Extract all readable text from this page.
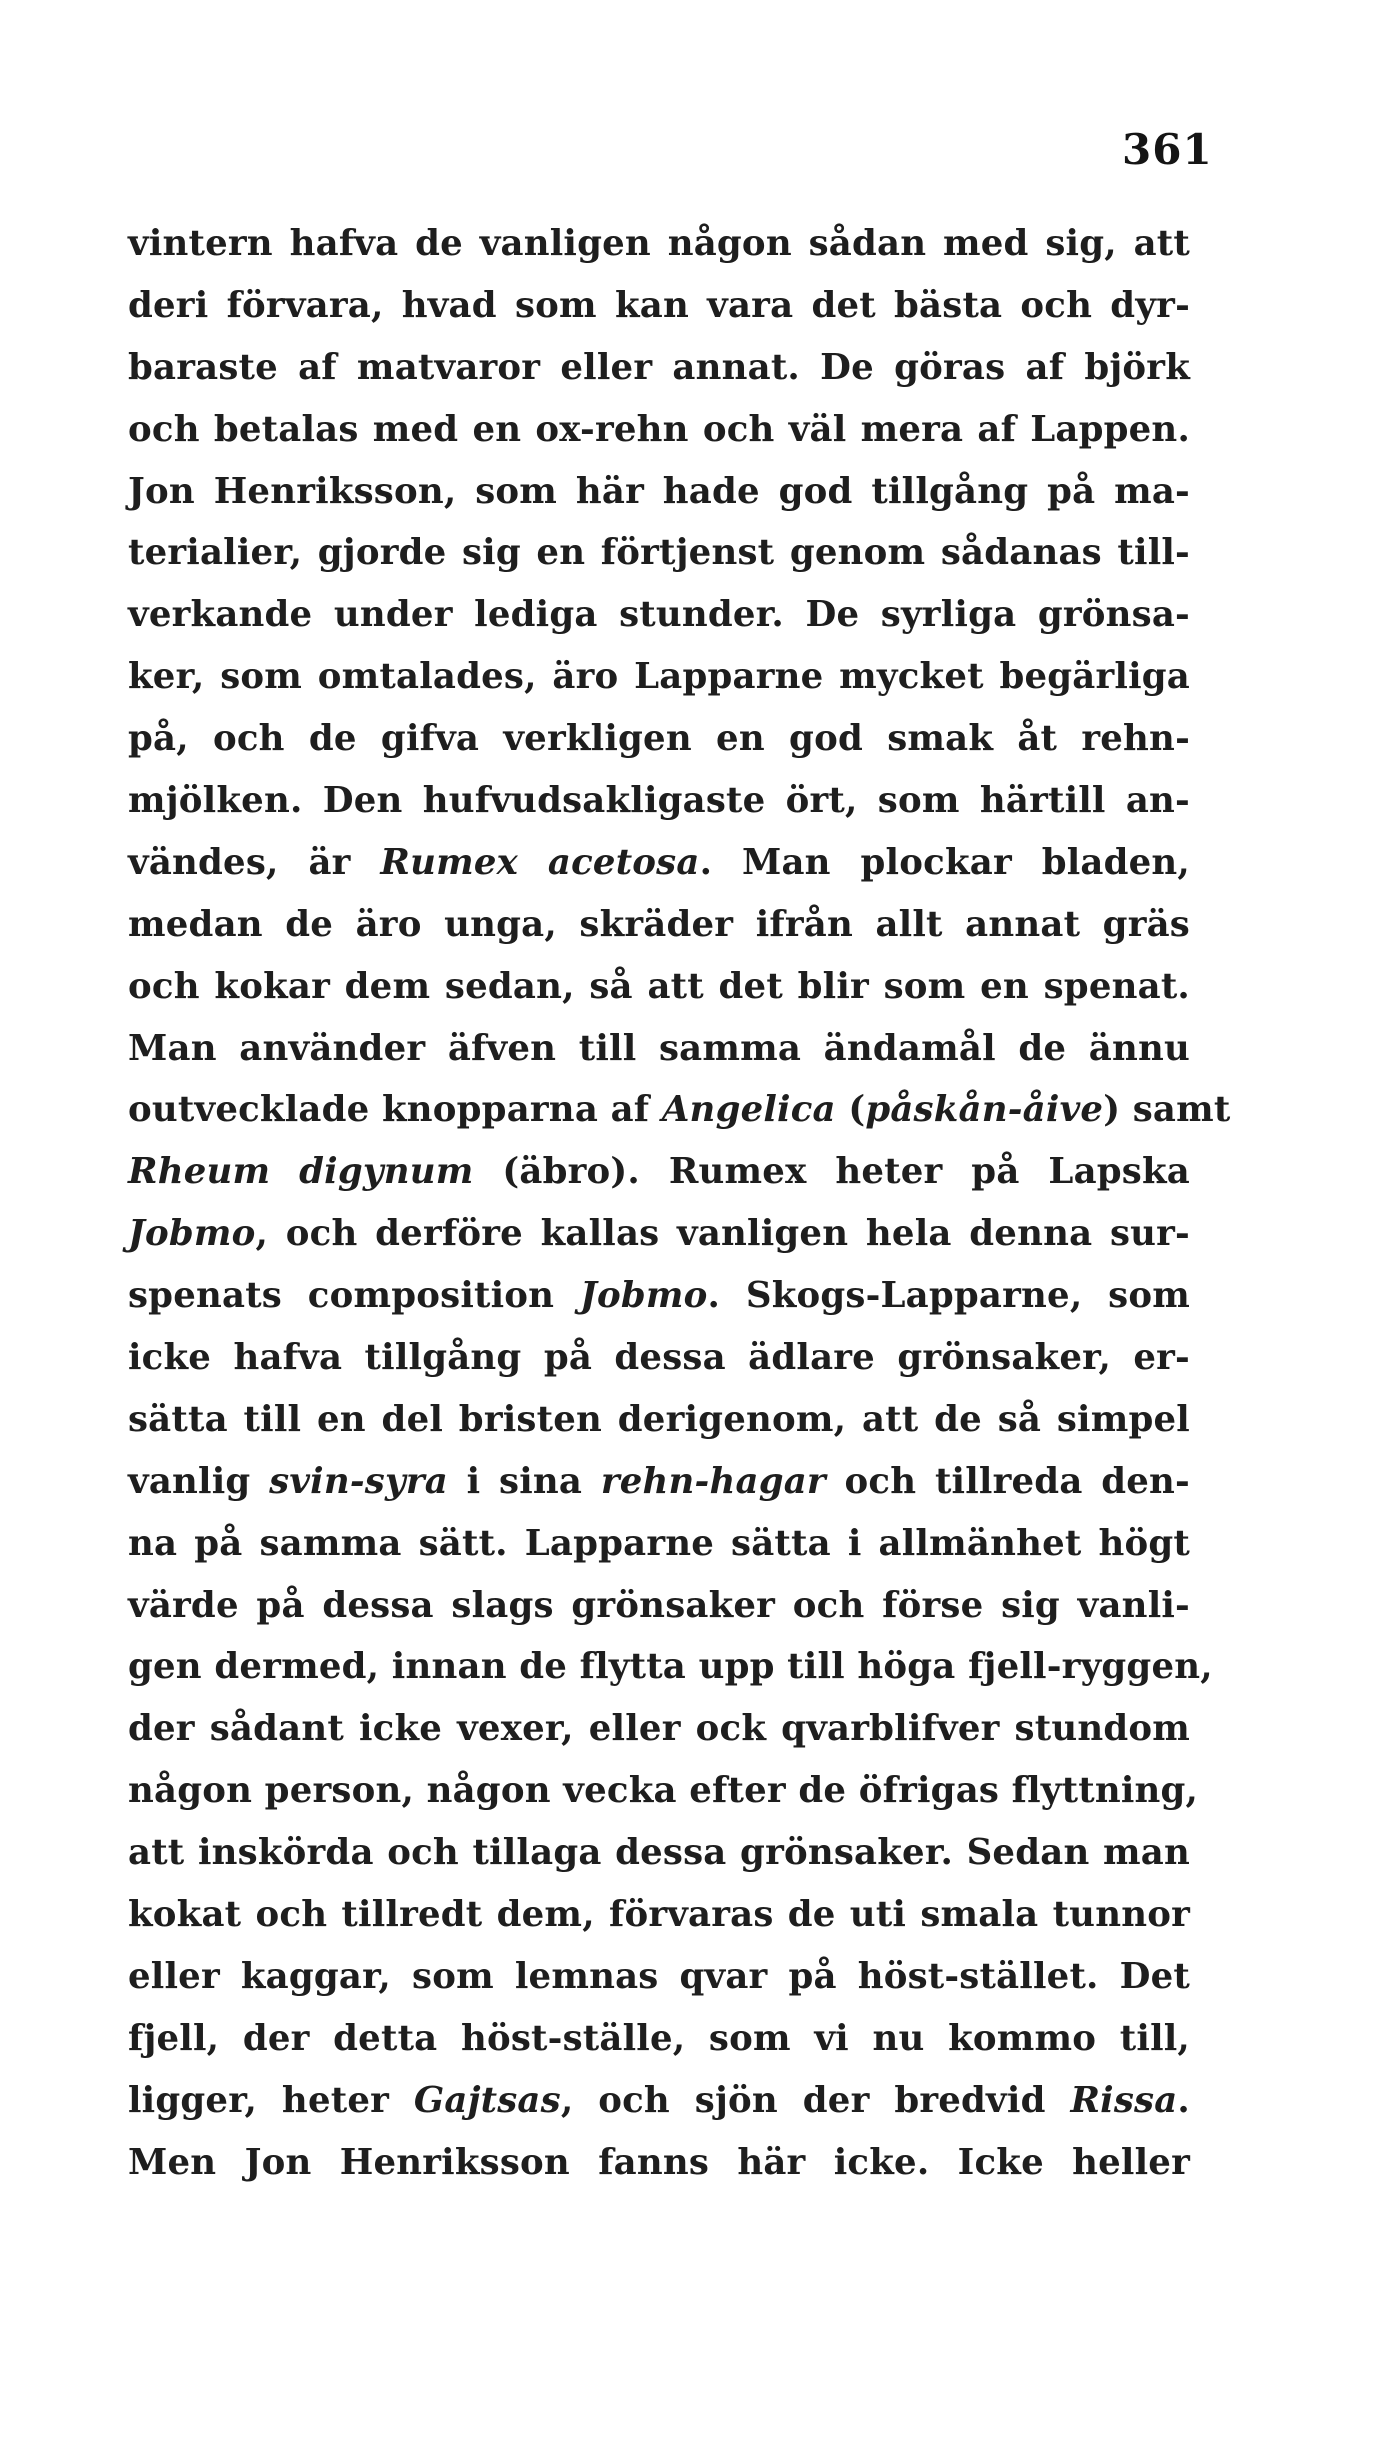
361
vintern hafva de vanligen någon sådan med sig, att
deri förvara, hvad som kan vara det bästa och dyr-
baraste af matvaror eller annat. De göras af björk
och betalas med en ox-rehn och väl mera af Lappen.
Jon Henriksson, som här hade god tillgång på ma-
terialier, gjorde sig en förtjenst genom sådanas till-
verkande under lediga stunder. De syrliga grönsa-
ker, som omtalades, äro Lapparne mycket begärliga
på, och de gifva verkligen en god smak åt rehn-
mjölken. Den hufvudsakligaste ört, som härtill an-
vändes, är Rumex acetosa. Man plockar bladen,
medan de äro unga, skräder ifrån allt annat gräs
och kokar dem sedan, så att det blir som en spenat.
Man använder äfven till samma ändamål de ännu
outvecklade knopparna af Angelica (påskån-åive) samt
Rheum digynum (äbro). Rumex heter på Lapska
Jobmo, och derföre kallas vanligen hela denna sur-
spenats composition Jobmo. Skogs-Lapparne, som
icke hafva tillgång på dessa ädlare grönsaker, er-
sätta till en del bristen derigenom, att de så simpel
vanlig svin-syra i sina rehn-hagar och tillreda den-
na på samma sätt. Lapparne sätta i allmänhet högt
värde på dessa slags grönsaker och förse sig vanli-
gen dermed, innan de flytta upp till höga fjell-ryggen,
der sådant icke vexer, eller ock qvarblifver stundom
någon person, någon vecka efter de öfrigas flyttning,
att inskörda och tillaga dessa grönsaker. Sedan man
kokat och tillredt dem, förvaras de uti smala tunnor
eller kaggar, som lemnas qvar på höst-stället. Det
fjell, der detta höst-ställe, som vi nu kommo till,
ligger, heter Gajtsas, och sjön der bredvid Rissa.
Men Jon Henriksson fanns här icke. Icke heller
